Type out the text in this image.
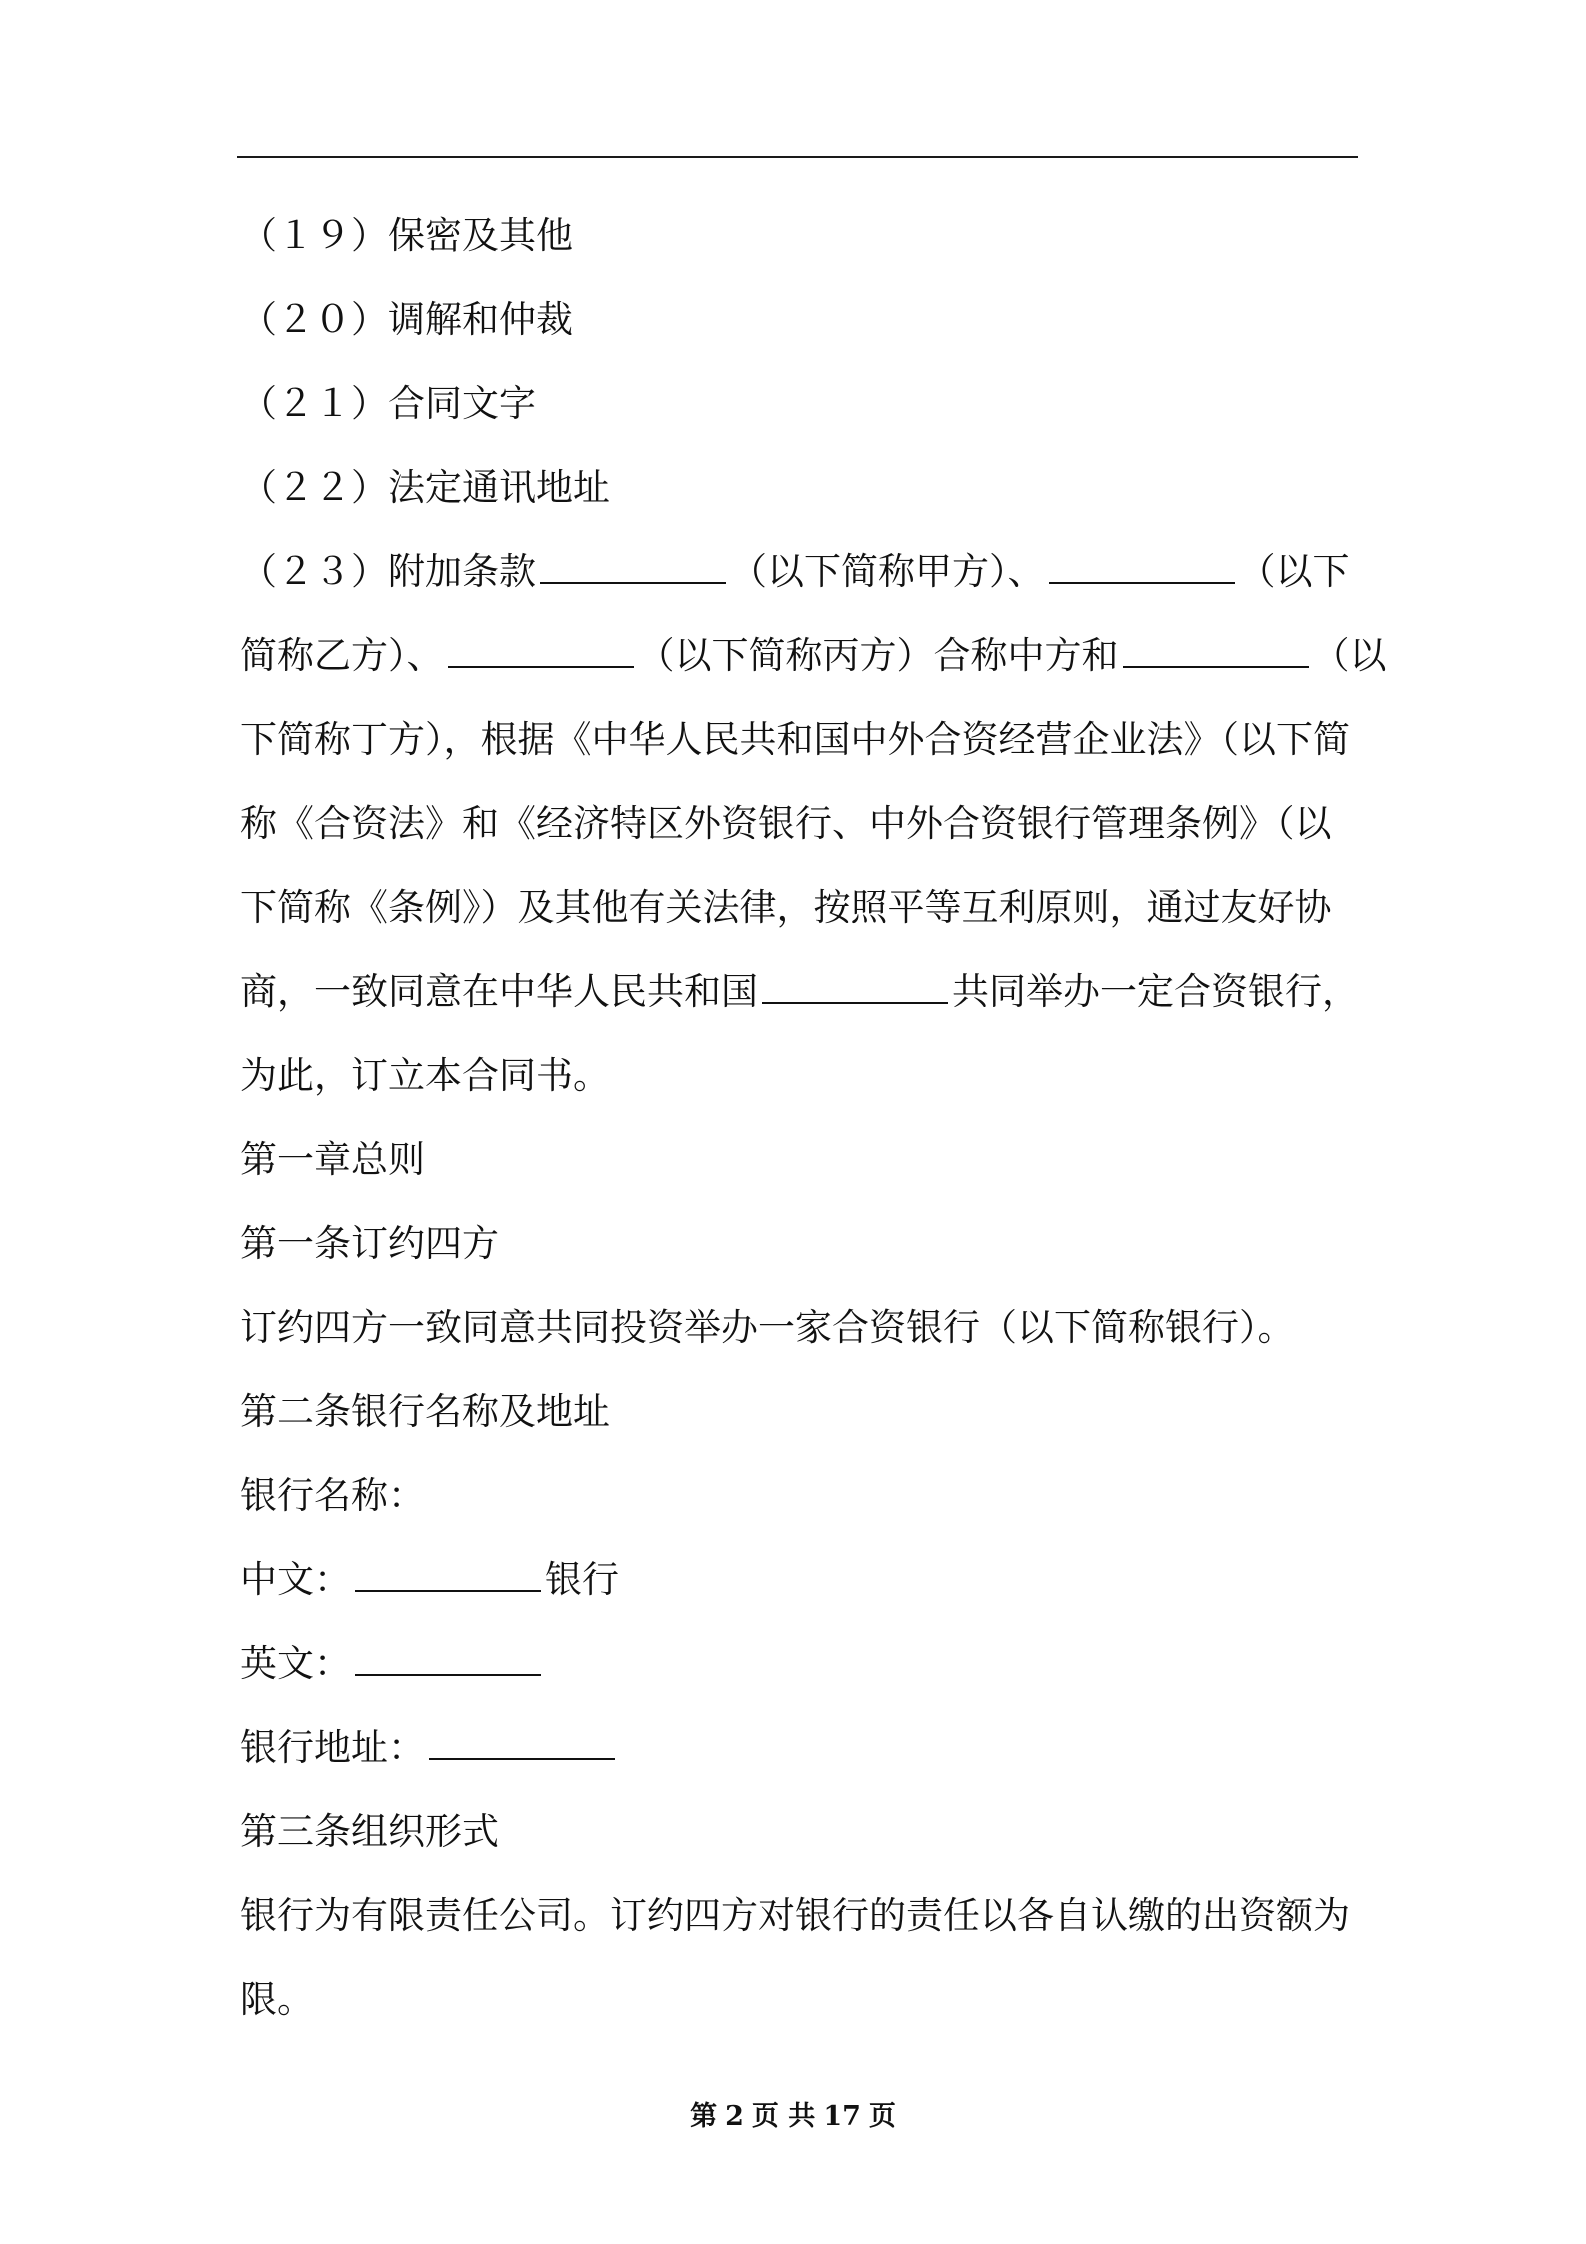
（１９）保密及其他
（２０）调解和仲裁
（２１）合同文字
（２２）法定通讯地址
（２３）附加条款	（以下简称甲方）、	（以下
简称乙方）、	（以下简称丙方）合称中方和	（以
下简称丁方），根据《中华人民共和国中外合资经营企业法》（以下简
称《合资法》和《经济特区外资银行、中外合资银行管理条例》（以
下简称《条例》）及其他有关法律，按照平等互利原则，通过友好协
商，一致同意在中华人民共和国	共同举办一定合资银行，
为此，订立本合同书。
第一章总则
第一条订约四方
订约四方一致同意共同投资举办一家合资银行（以下简称银行）。
第二条银行名称及地址
银行名称：
中文：	银行
英文：
银行地址：
第三条组织形式
银行为有限责任公司。订约四方对银行的责任以各自认缴的出资额为
限。
第 2 页 共 17 页
